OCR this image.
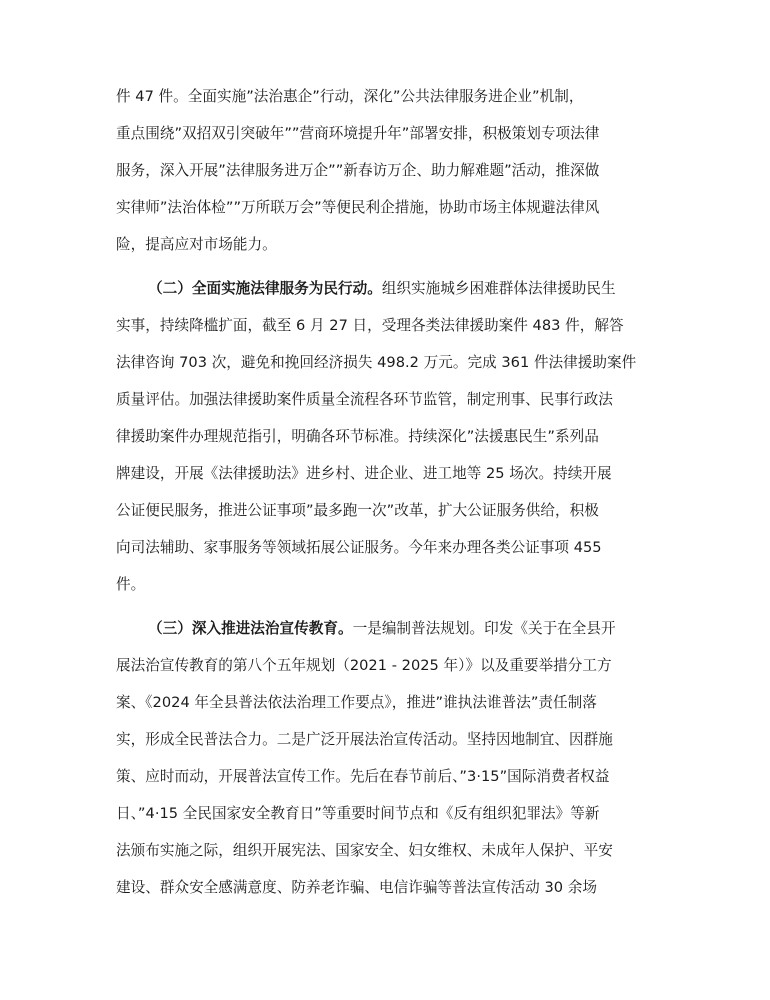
件 47 件。全面实施”法治惠企”行动，深化”公共法律服务进企业”机制，
重点围绕”双招双引突破年””营商环境提升年”部署安排，积极策划专项法律
服务，深入开展”法律服务进万企””新春访万企、助力解难题”活动，推深做
实律师”法治体检””万所联万会”等便民利企措施，协助市场主体规避法律风
险，提高应对市场能力。
（二）全面实施法律服务为民行动。组织实施城乡困难群体法律援助民生
实事，持续降槛扩面，截至 6 月 27 日，受理各类法律援助案件 483 件，解答
法律咨询 703 次，避免和挽回经济损失 498.2 万元。完成 361 件法律援助案件
质量评估。加强法律援助案件质量全流程各环节监管，制定刑事、民事行政法
律援助案件办理规范指引，明确各环节标准。持续深化”法援惠民生”系列品
牌建设，开展《法律援助法》进乡村、进企业、进工地等 25 场次。持续开展
公证便民服务，推进公证事项”最多跑一次”改革，扩大公证服务供给，积极
向司法辅助、家事服务等领域拓展公证服务。今年来办理各类公证事项 455
件。
（三）深入推进法治宣传教育。一是编制普法规划。印发《关于在全县开
展法治宣传教育的第八个五年规划（2021 - 2025 年）》以及重要举措分工方
案、《2024 年全县普法依法治理工作要点》，推进”谁执法谁普法”责任制落
实，形成全民普法合力。二是广泛开展法治宣传活动。坚持因地制宜、因群施
策、应时而动，开展普法宣传工作。先后在春节前后、”3·15”国际消费者权益
日、”4·15 全民国家安全教育日”等重要时间节点和《反有组织犯罪法》等新
法颁布实施之际，组织开展宪法、国家安全、妇女维权、未成年人保护、平安
建设、群众安全感满意度、防养老诈骗、电信诈骗等普法宣传活动 30 余场
